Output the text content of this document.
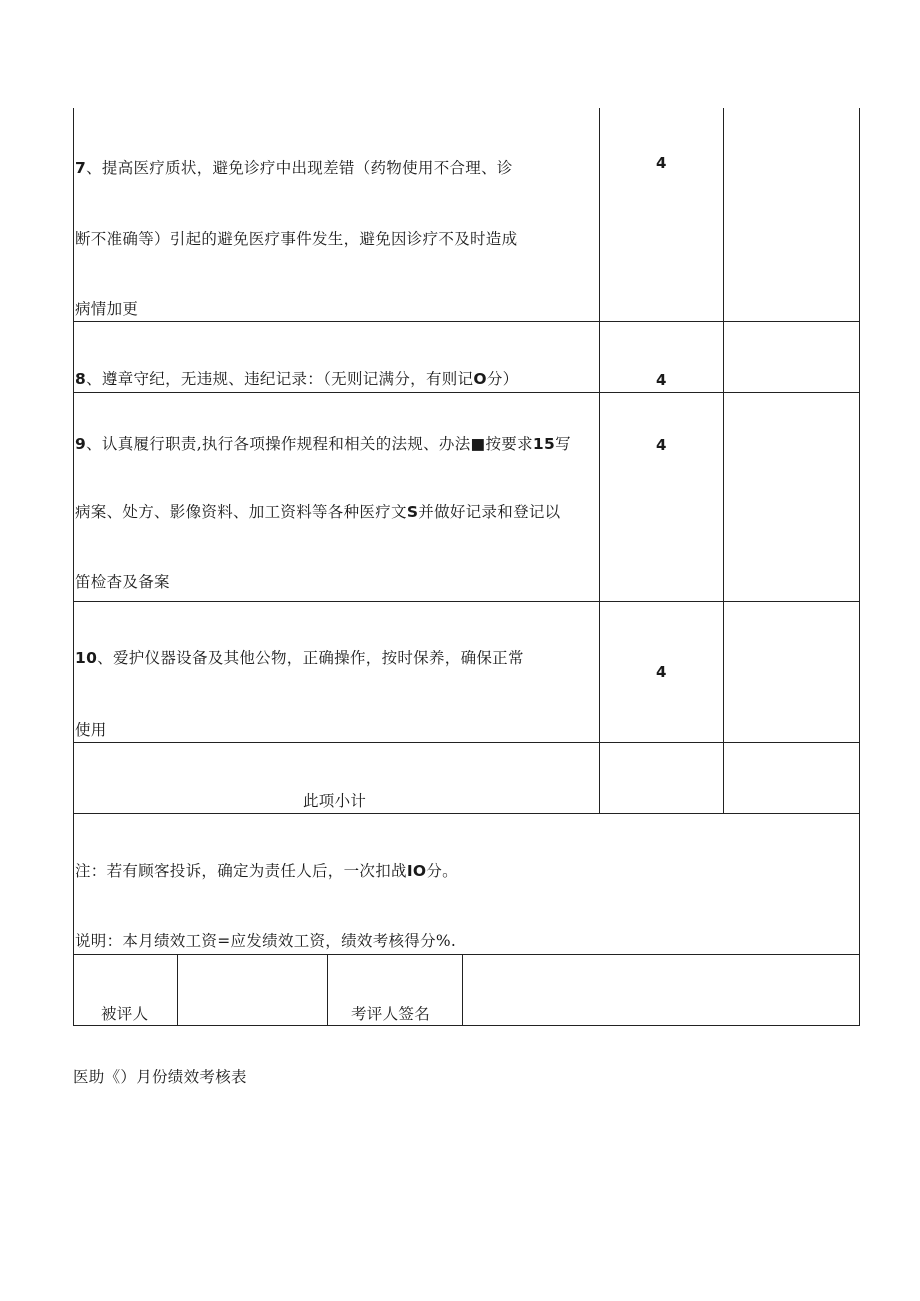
7、提高医疗质状，避免诊疗中出现差错（药物使用不合理、诊
断不准确等）引起的避免医疗事件发生，避免因诊疗不及时造成
病情加更
4
8、遵章守纪，无违规、违纪记录：（无则记满分，有则记O分）	4
9、认真履行职责,执行各项操作规程和相关的法规、办法■按要求15写
病案、处方、影像资料、加工资料等各种医疗文S并做好记录和登记以
笛检杳及备案
4
10、爱护仪器设备及其他公物，正确操作，按时保养，确保正常
使用
4
此项小计
注：若有顾客投诉，确定为责任人后，一次扣战IO分。
说明：本月绩效工资=应发绩效工资，绩效考核得分%.
被评人	考评人签名
医助《）月份绩效考核表
